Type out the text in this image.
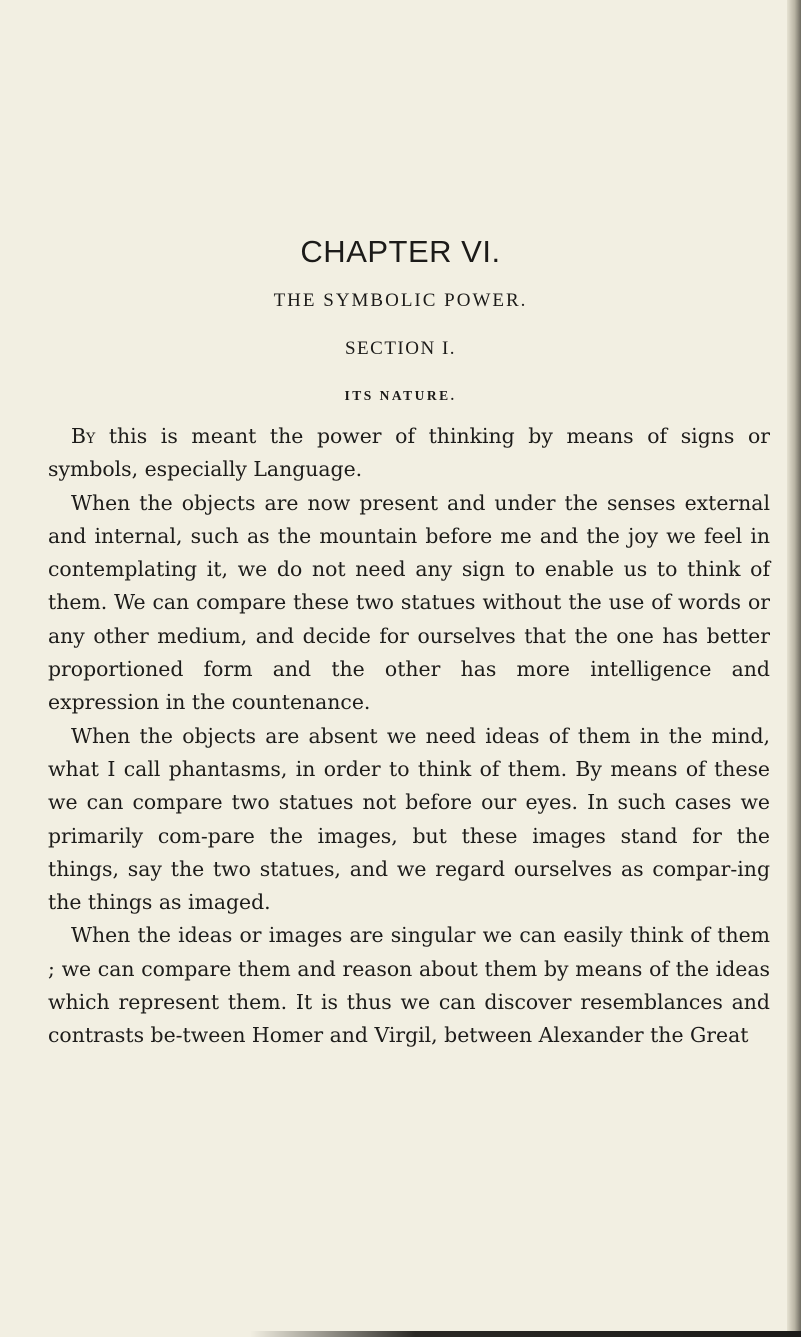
CHAPTER VI.
THE SYMBOLIC POWER.
SECTION I.
ITS NATURE.

By this is meant the power of thinking by means of signs or symbols, especially Language.

When the objects are now present and under the senses external and internal, such as the mountain before me and the joy we feel in contemplating it, we do not need any sign to enable us to think of them. We can compare these two statues without the use of words or any other medium, and decide for ourselves that the one has better proportioned form and the other has more intelligence and expression in the countenance.

When the objects are absent we need ideas of them in the mind, what I call phantasms, in order to think of them. By means of these we can compare two statues not before our eyes. In such cases we primarily com-pare the images, but these images stand for the things, say the two statues, and we regard ourselves as compar-ing the things as imaged.

When the ideas or images are singular we can easily think of them ; we can compare them and reason about them by means of the ideas which represent them. It is thus we can discover resemblances and contrasts be-tween Homer and Virgil, between Alexander the Great
